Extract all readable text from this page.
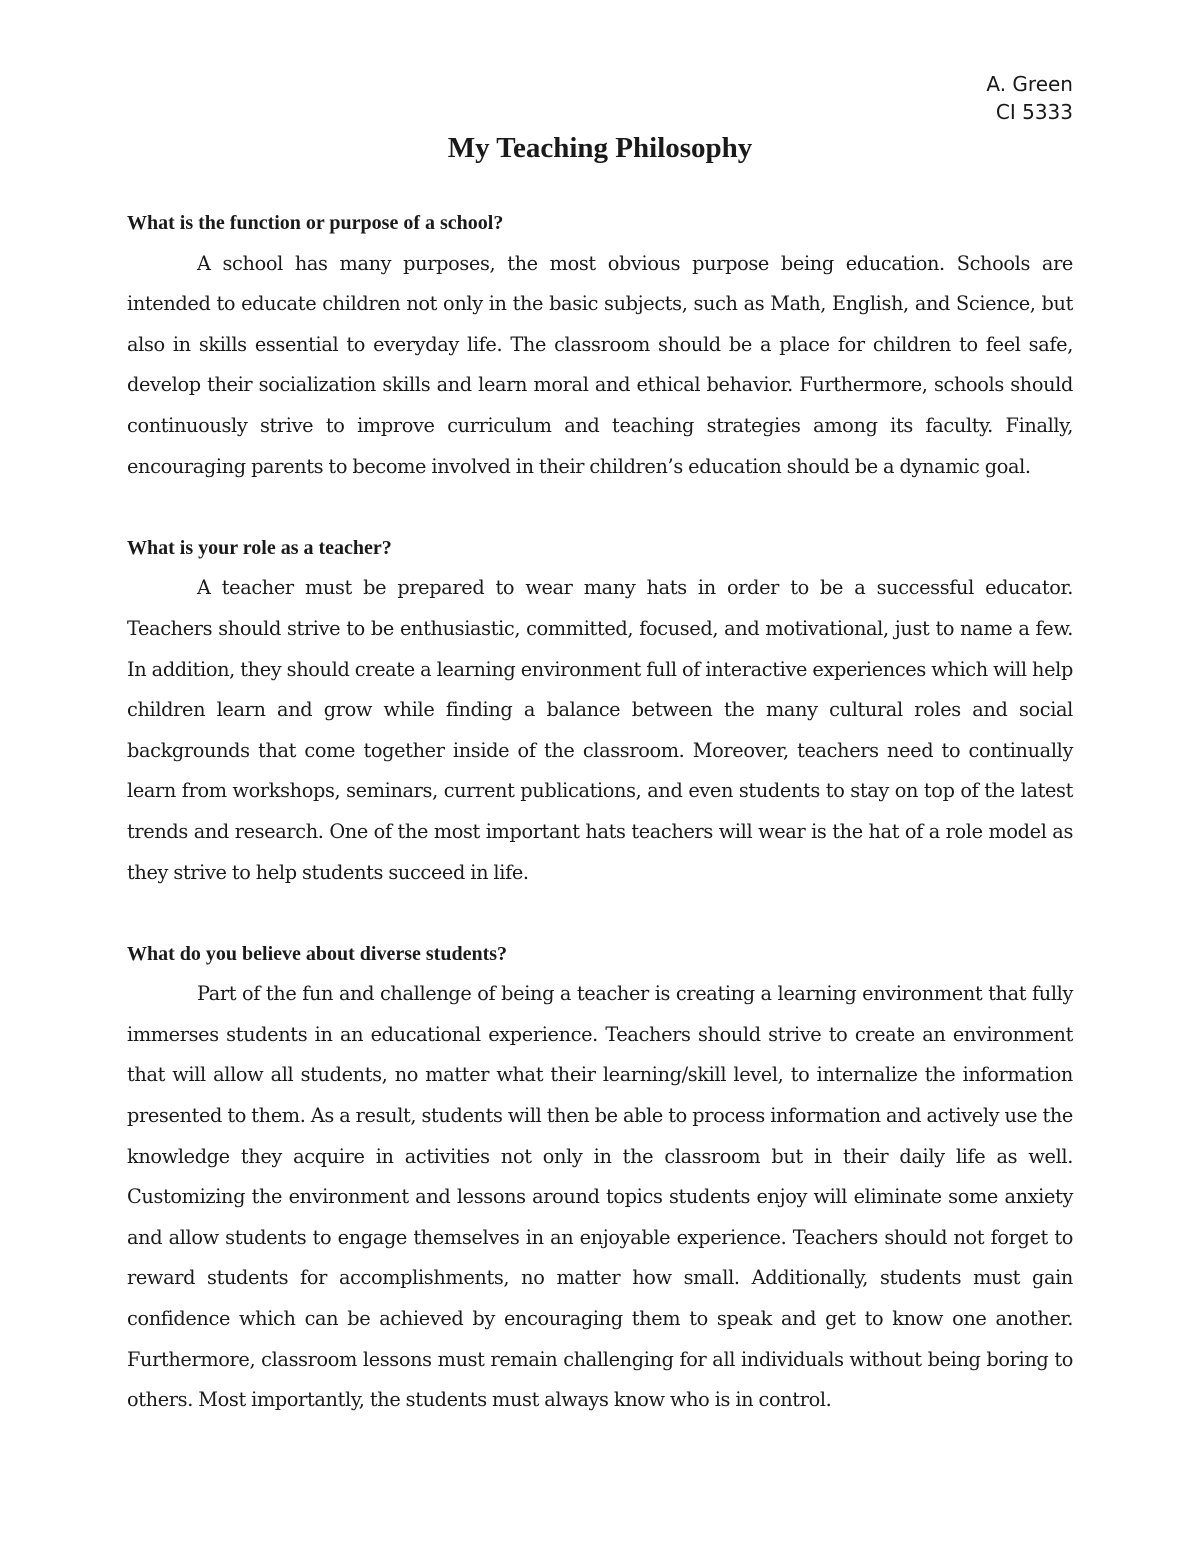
A. Green
CI 5333
My Teaching Philosophy

What is the function or purpose of a school?

A school has many purposes, the most obvious purpose being education. Schools are intended to educate children not only in the basic subjects, such as Math, English, and Science, but also in skills essential to everyday life. The classroom should be a place for children to feel safe, develop their socialization skills and learn moral and ethical behavior. Furthermore, schools should continuously strive to improve curriculum and teaching strategies among its faculty. Finally, encouraging parents to become involved in their children’s education should be a dynamic goal.

What is your role as a teacher?

A teacher must be prepared to wear many hats in order to be a successful educator. Teachers should strive to be enthusiastic, committed, focused, and motivational, just to name a few. In addition, they should create a learning environment full of interactive experiences which will help children learn and grow while finding a balance between the many cultural roles and social backgrounds that come together inside of the classroom. Moreover, teachers need to continually learn from workshops, seminars, current publications, and even students to stay on top of the latest trends and research. One of the most important hats teachers will wear is the hat of a role model as they strive to help students succeed in life.

What do you believe about diverse students?

Part of the fun and challenge of being a teacher is creating a learning environment that fully immerses students in an educational experience. Teachers should strive to create an environment that will allow all students, no matter what their learning/skill level, to internalize the information presented to them. As a result, students will then be able to process information and actively use the knowledge they acquire in activities not only in the classroom but in their daily life as well. Customizing the environment and lessons around topics students enjoy will eliminate some anxiety and allow students to engage themselves in an enjoyable experience. Teachers should not forget to reward students for accomplishments, no matter how small. Additionally, students must gain confidence which can be achieved by encouraging them to speak and get to know one another. Furthermore, classroom lessons must remain challenging for all individuals without being boring to others. Most importantly, the students must always know who is in control.
